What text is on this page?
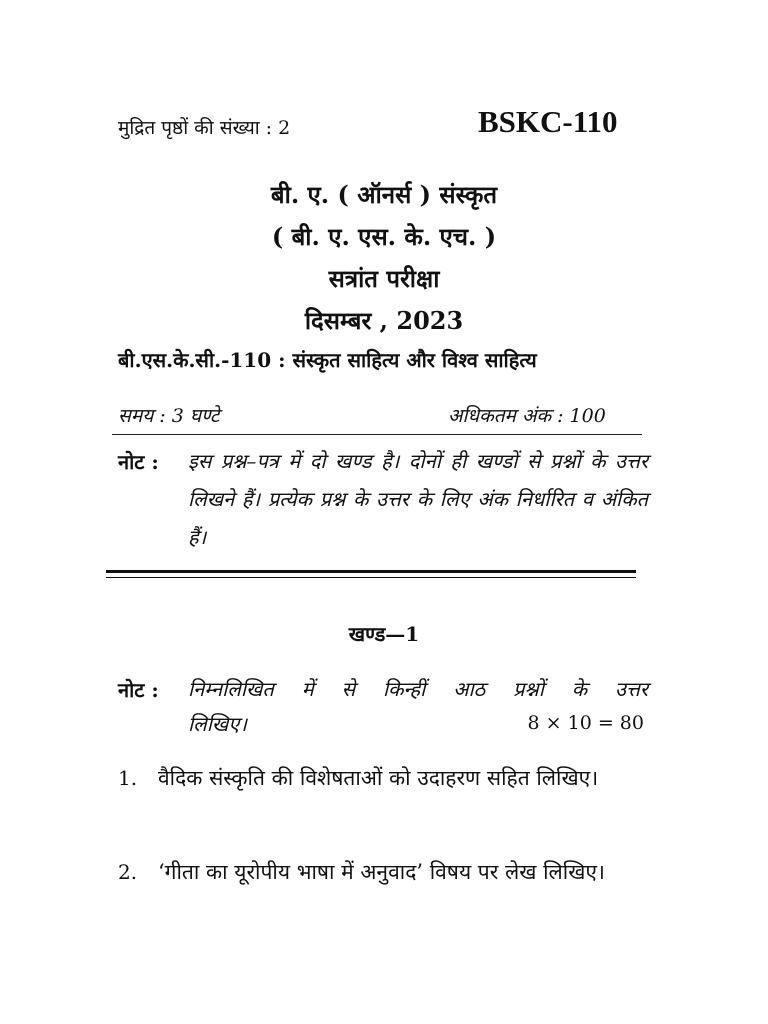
मुद्रित पृष्ठों की संख्या : 2	BSKC-110
बी. ए. ( ऑनर्स ) संस्कृत
( बी. ए. एस. के. एच. )
सत्रांत परीक्षा
दिसम्बर , 2023
बी.एस.के.सी.-110 : संस्कृत साहित्य और विश्व साहित्य
समय : 3 घण्टे	अधिकतम अंक : 100
नोट : इस प्रश्न–पत्र में दो खण्ड है। दोनों ही खण्डों से प्रश्नों के उत्तर लिखने हैं। प्रत्येक प्रश्न के उत्तर के लिए अंक निर्धारित व अंकित हैं।
खण्ड—1
नोट : निम्नलिखित में से किन्हीं आठ प्रश्नों के उत्तर
लिखिए।	8 × 10 = 80
1. वैदिक संस्कृति की विशेषताओं को उदाहरण सहित लिखिए।
2. ‘गीता का यूरोपीय भाषा में अनुवाद’ विषय पर लेख लिखिए।
